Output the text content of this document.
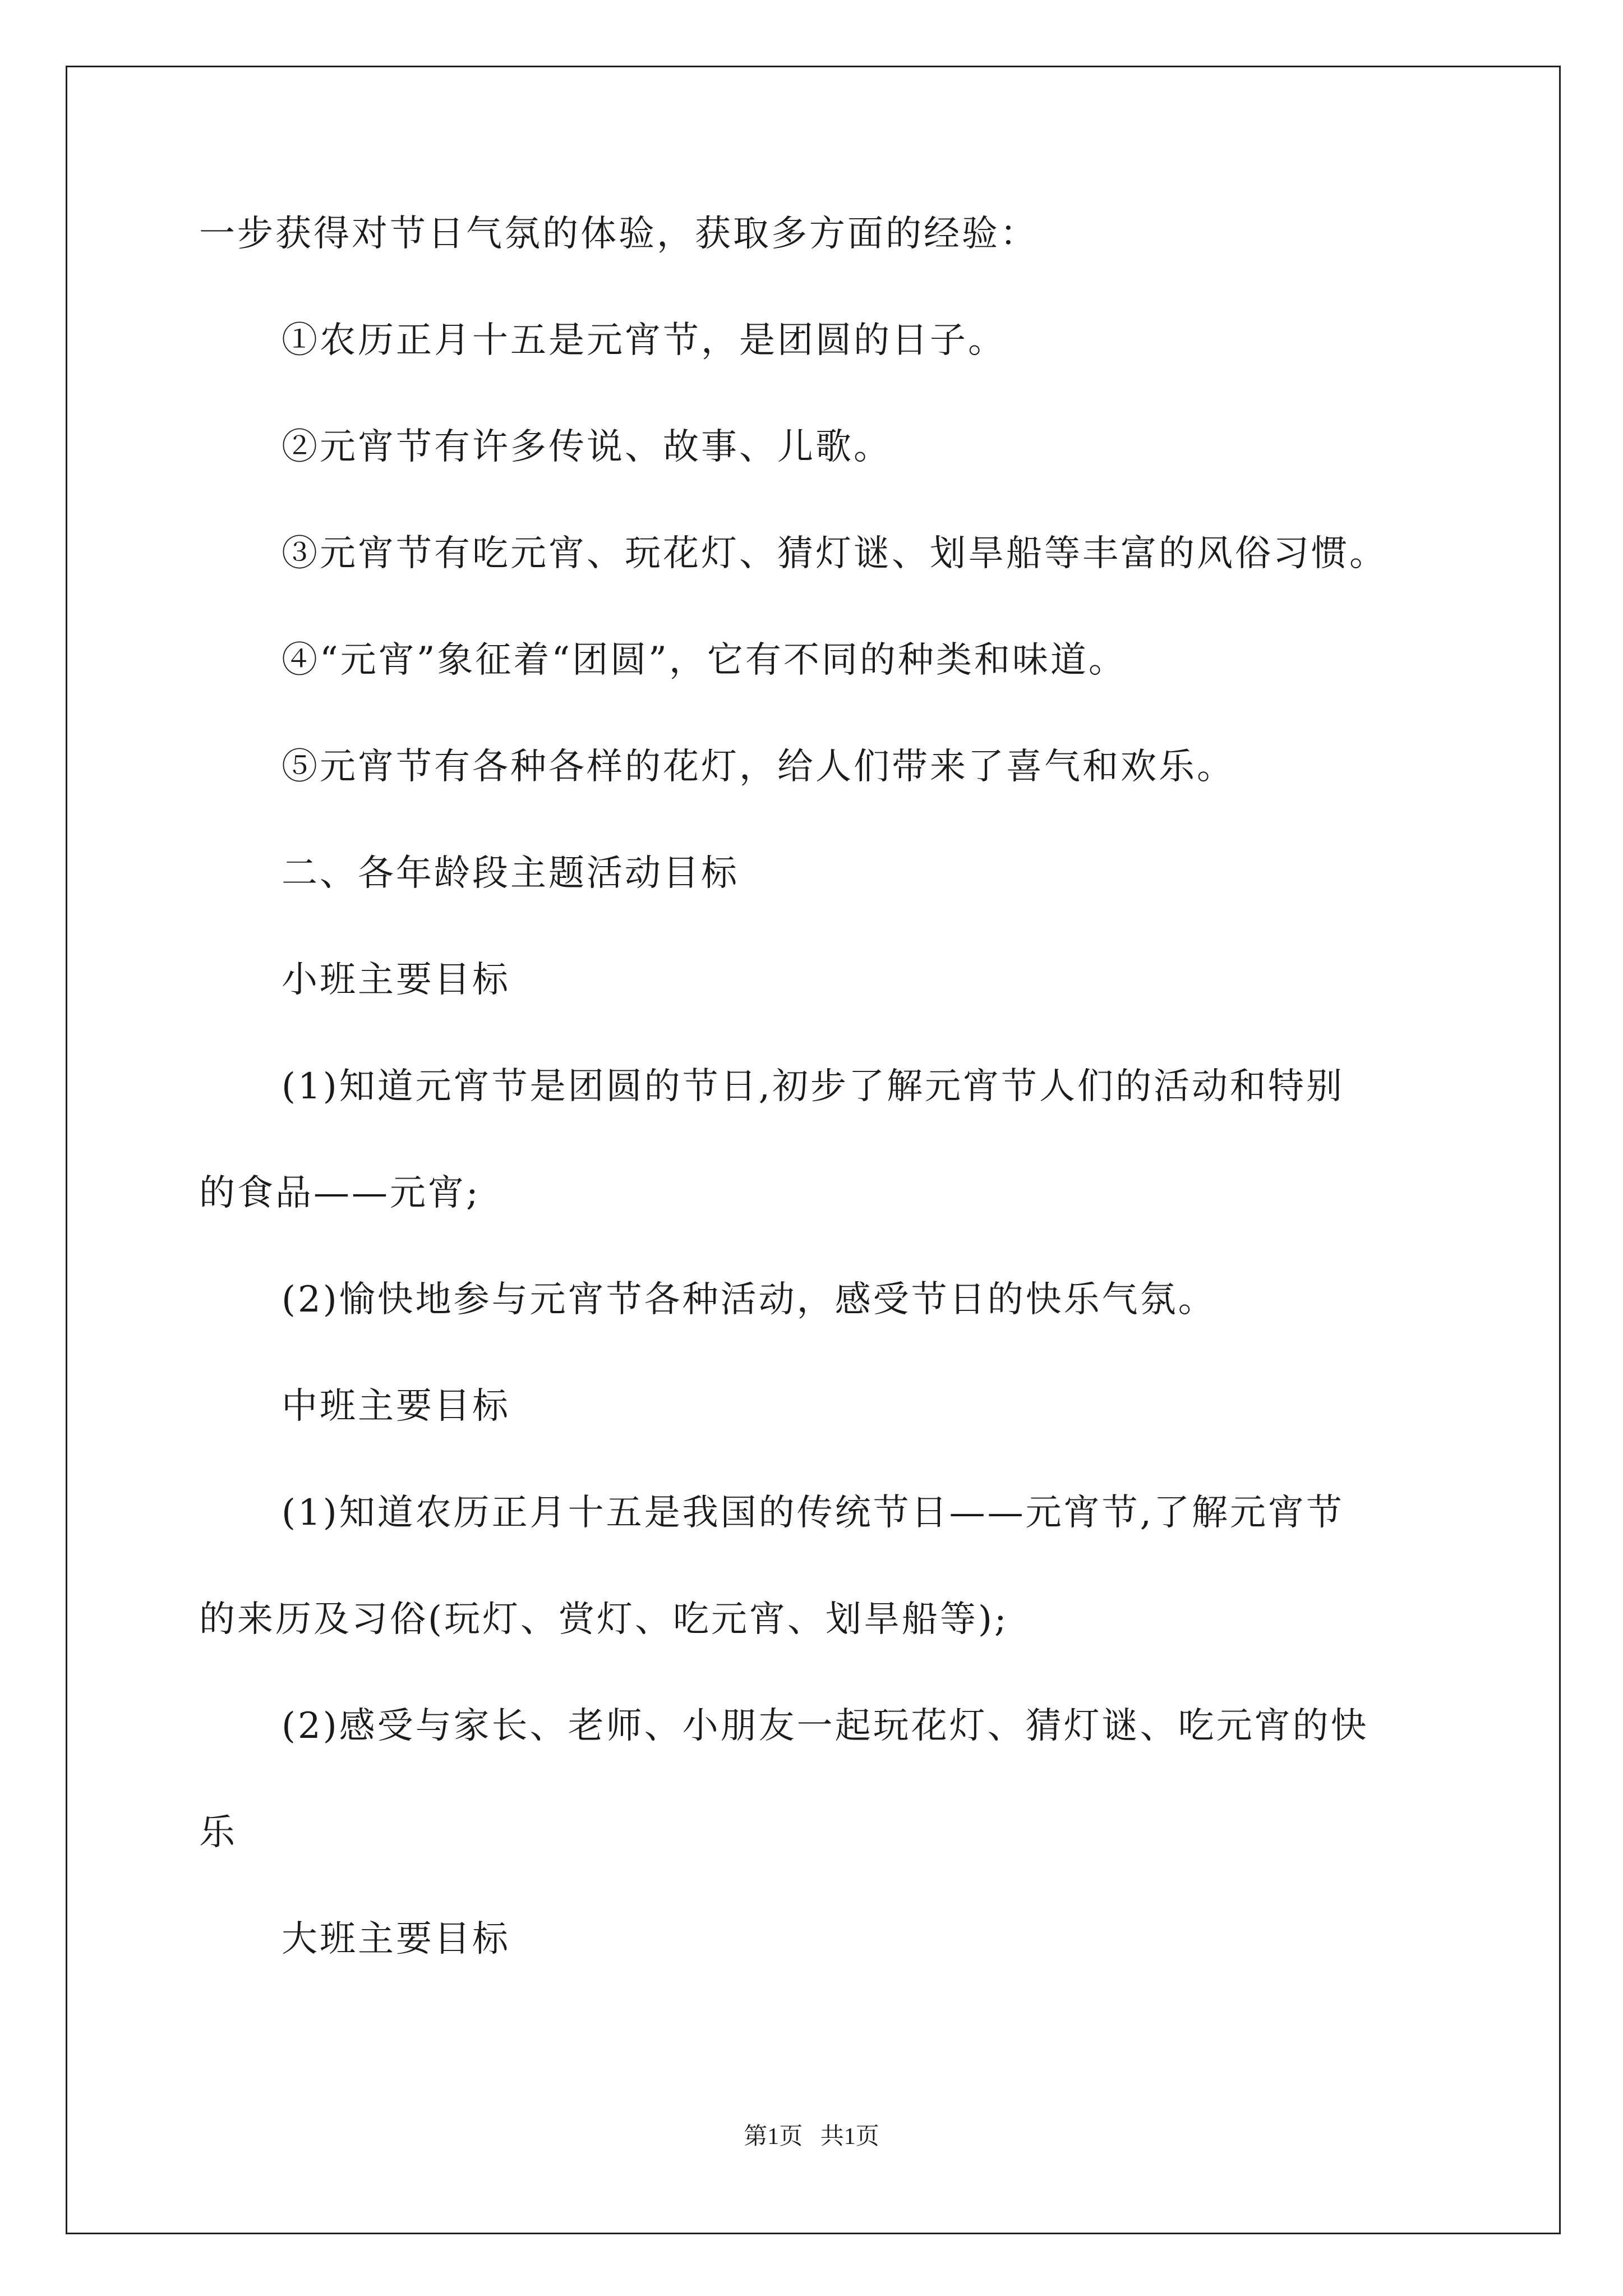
一步获得对节日气氛的体验，获取多方面的经验：
①农历正月十五是元宵节，是团圆的日子。
②元宵节有许多传说、故事、儿歌。
③元宵节有吃元宵、玩花灯、猜灯谜、划旱船等丰富的风俗习惯。
④“元宵”象征着“团圆”，它有不同的种类和味道。
⑤元宵节有各种各样的花灯，给人们带来了喜气和欢乐。
二、各年龄段主题活动目标
小班主要目标
(1)知道元宵节是团圆的节日,初步了解元宵节人们的活动和特别
的食品——元宵;
(2)愉快地参与元宵节各种活动，感受节日的快乐气氛。
中班主要目标
(1)知道农历正月十五是我国的传统节日——元宵节,了解元宵节
的来历及习俗(玩灯、赏灯、吃元宵、划旱船等);
(2)感受与家长、老师、小朋友一起玩花灯、猜灯谜、吃元宵的快
乐
大班主要目标
第1页   共1页
